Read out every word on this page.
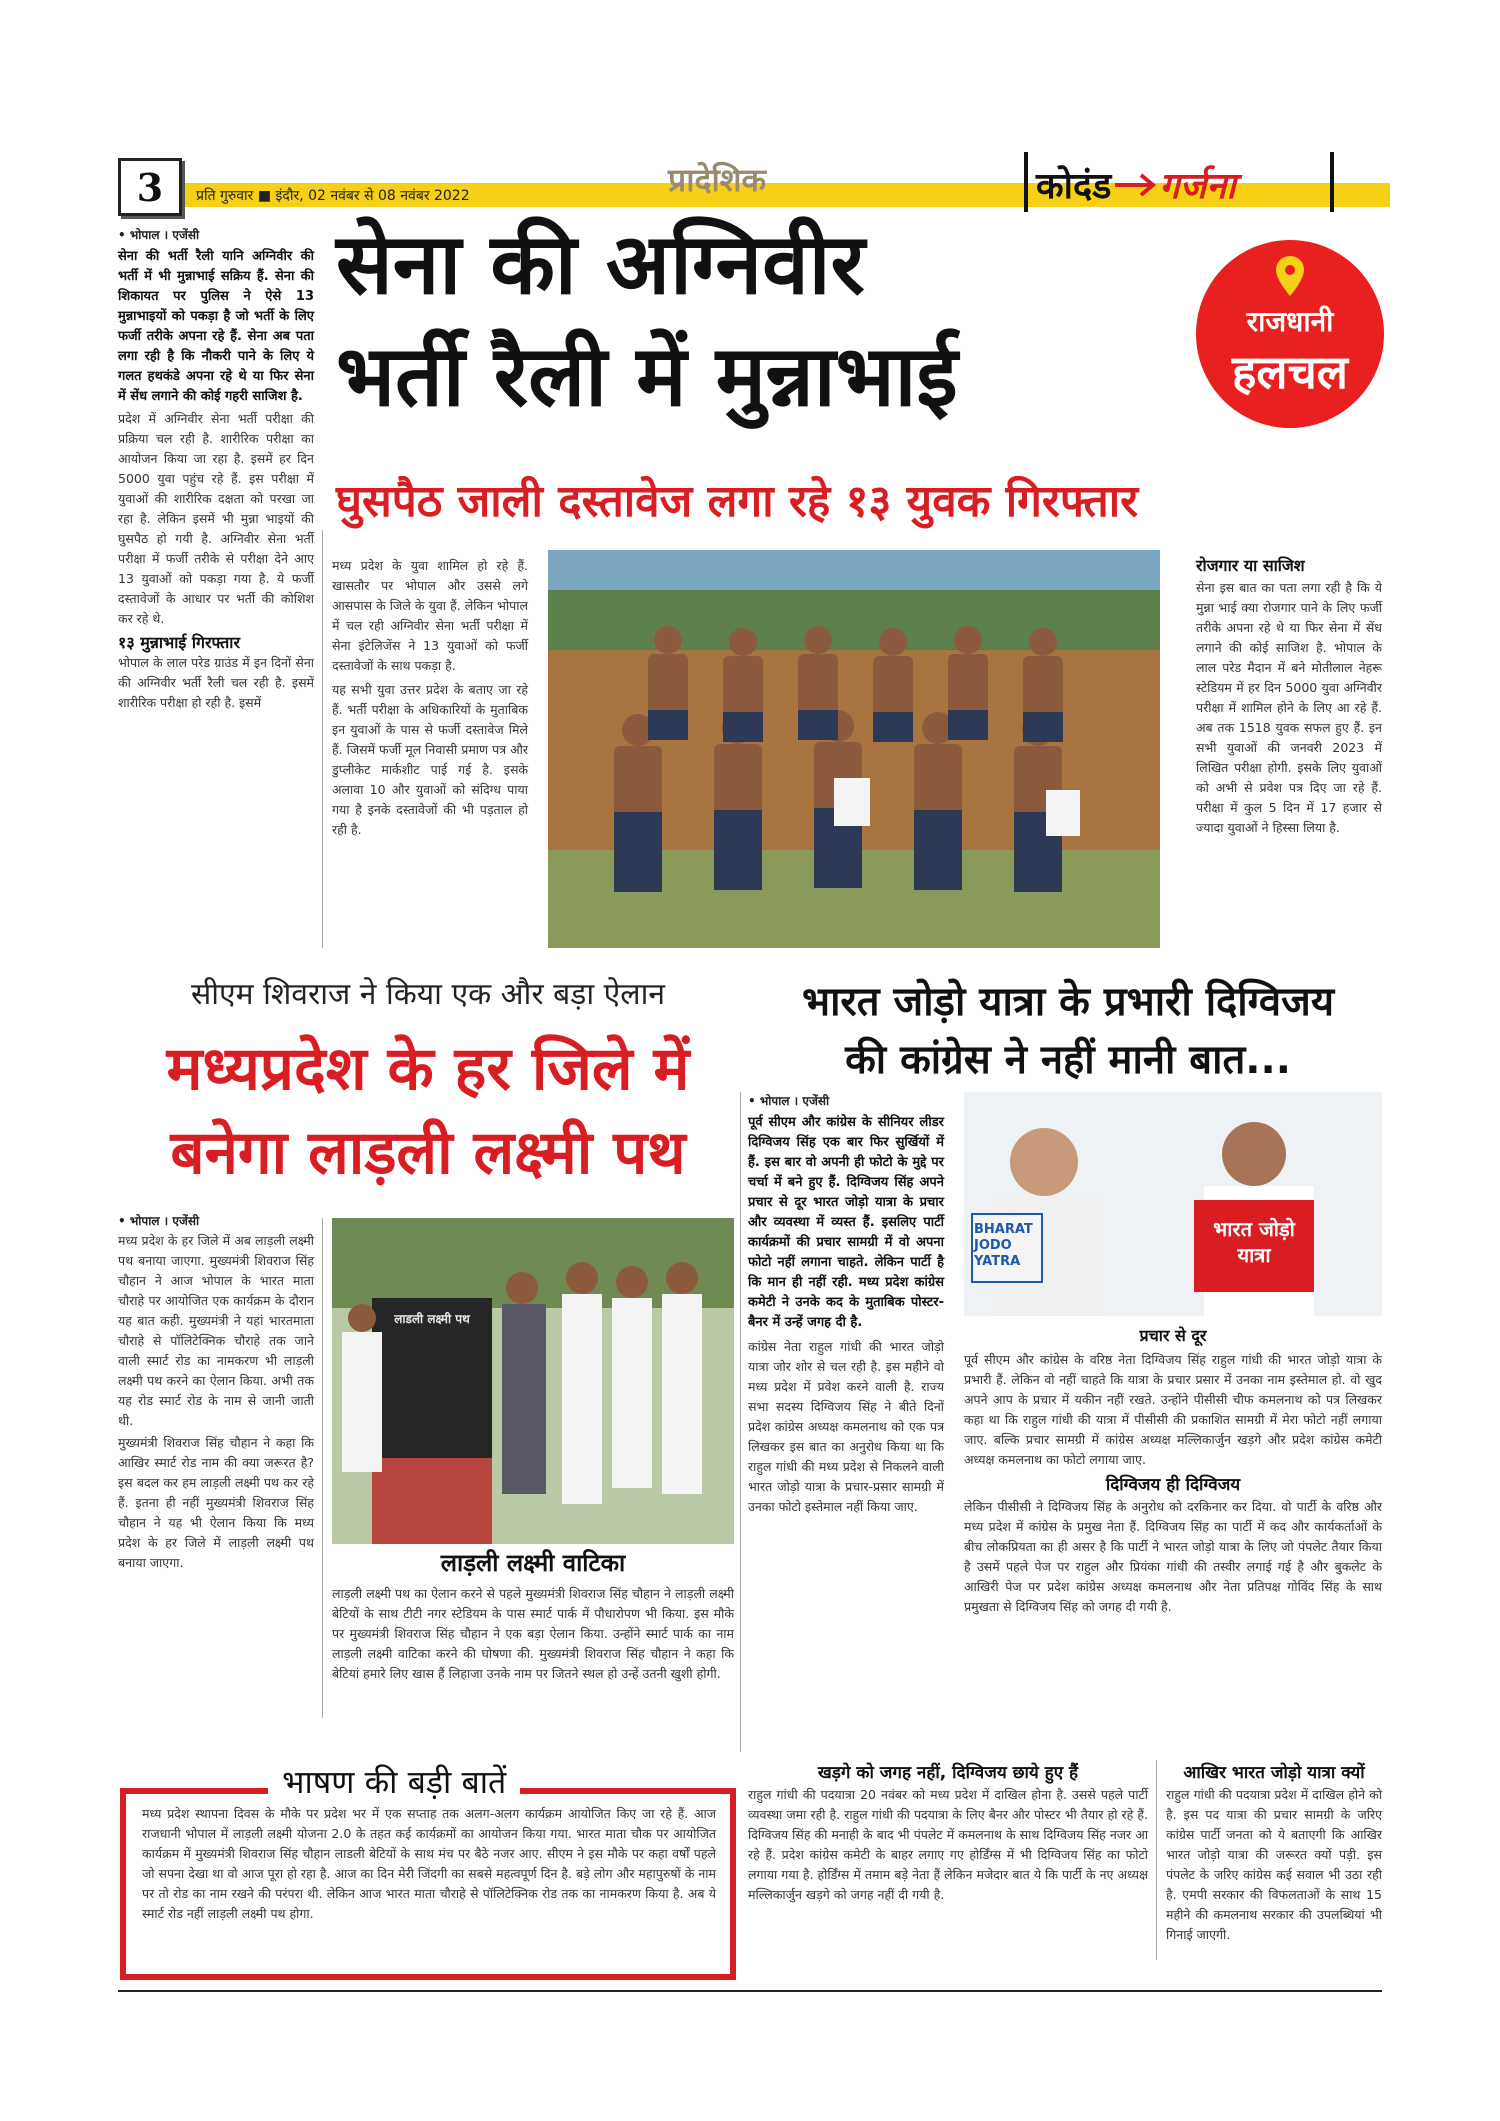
3 प्रति गुरुवार ■ इंदौर, 02 नवंबर से 08 नवंबर 2022	प्रादेशिक	कोदंड गर्जना
राजधानी
हलचल
सेना की अग्निवीर
भर्ती रैली में मुन्नाभाई
घुसपैठ जाली दस्तावेज लगा रहे १३ युवक गिरफ्तार
• भोपाल । एजेंसी
सेना की भर्ती रैली यानि अग्निवीर की भर्ती में भी मुन्नाभाई सक्रिय हैं. सेना की शिकायत पर पुलिस ने ऐसे 13 मुन्नाभाइयों को पकड़ा है जो भर्ती के लिए फर्जी तरीके अपना रहे हैं. सेना अब पता लगा रही है कि नौकरी पाने के लिए ये गलत हथकंडे अपना रहे थे या फिर सेना में सेंध लगाने की कोई गहरी साजिश है.
प्रदेश में अग्निवीर सेना भर्ती परीक्षा की प्रक्रिया चल रही है. शारीरिक परीक्षा का आयोजन किया जा रहा है. इसमें हर दिन 5000 युवा पहुंच रहे हैं. इस परीक्षा में युवाओं की शारीरिक दक्षता को परखा जा रहा है. लेकिन इसमें भी मुन्ना भाइयों की घुसपैठ हो गयी है. अग्निवीर सेना भर्ती परीक्षा में फर्जी तरीके से परीक्षा देने आए 13 युवाओं को पकड़ा गया है. ये फर्जी दस्तावेजों के आधार पर भर्ती की कोशिश कर रहे थे.
१३ मुन्नाभाई गिरफ्तार
भोपाल के लाल परेड ग्राउंड में इन दिनों सेना की अग्निवीर भर्ती रैली चल रही है. इसमें शारीरिक परीक्षा हो रही है. इसमें
मध्य प्रदेश के युवा शामिल हो रहे हैं. खासतौर पर भोपाल और उससे लगे आसपास के जिले के युवा हैं. लेकिन भोपाल में चल रही अग्निवीर सेना भर्ती परीक्षा में सेना इंटेलिजेंस ने 13 युवाओं को फर्जी दस्तावेजों के साथ पकड़ा है.
यह सभी युवा उत्तर प्रदेश के बताए जा रहे हैं. भर्ती परीक्षा के अधिकारियों के मुताबिक इन युवाओं के पास से फर्जी दस्तावेज मिले हैं. जिसमें फर्जी मूल निवासी प्रमाण पत्र और डुप्लीकेट मार्कशीट पाई गई है. इसके अलावा 10 और युवाओं को संदिग्ध पाया गया है इनके दस्तावेजों की भी पड़ताल हो रही है.
रोजगार या साजिश
सेना इस बात का पता लगा रही है कि ये मुन्ना भाई क्या रोजगार पाने के लिए फर्जी तरीके अपना रहे थे या फिर सेना में सेंध लगाने की कोई साजिश है. भोपाल के लाल परेड मैदान में बने मोतीलाल नेहरू स्टेडियम में हर दिन 5000 युवा अग्निवीर परीक्षा में शामिल होने के लिए आ रहे हैं. अब तक 1518 युवक सफल हुए हैं. इन सभी युवाओं की जनवरी 2023 में लिखित परीक्षा होगी. इसके लिए युवाओं को अभी से प्रवेश पत्र दिए जा रहे हैं. परीक्षा में कुल 5 दिन में 17 हजार से ज्यादा युवाओं ने हिस्सा लिया है.
सीएम शिवराज ने किया एक और बड़ा ऐलान
मध्यप्रदेश के हर जिले में
बनेगा लाड़ली लक्ष्मी पथ
• भोपाल । एजेंसी
मध्य प्रदेश के हर जिले में अब लाड़ली लक्ष्मी पथ बनाया जाएगा. मुख्यमंत्री शिवराज सिंह चौहान ने आज भोपाल के भारत माता चौराहे पर आयोजित एक कार्यक्रम के दौरान यह बात कही. मुख्यमंत्री ने यहां भारतमाता चौराहे से पॉलिटेक्निक चौराहे तक जाने वाली स्मार्ट रोड का नामकरण भी लाड़ली लक्ष्मी पथ करने का ऐलान किया. अभी तक यह रोड स्मार्ट रोड के नाम से जानी जाती थी.
मुख्यमंत्री शिवराज सिंह चौहान ने कहा कि आखिर स्मार्ट रोड नाम की क्या जरूरत है? इस बदल कर हम लाड़ली लक्ष्मी पथ कर रहे हैं. इतना ही नहीं मुख्यमंत्री शिवराज सिंह चौहान ने यह भी ऐलान किया कि मध्य प्रदेश के हर जिले में लाड़ली लक्ष्मी पथ बनाया जाएगा.
लाडली लक्ष्मी पथ
लाड़ली लक्ष्मी वाटिका
लाड़ली लक्ष्मी पथ का ऐलान करने से पहले मुख्यमंत्री शिवराज सिंह चौहान ने लाड़ली लक्ष्मी बेटियों के साथ टीटी नगर स्टेडियम के पास स्मार्ट पार्क में पौधारोपण भी किया. इस मौके पर मुख्यमंत्री शिवराज सिंह चौहान ने एक बड़ा ऐलान किया. उन्होंने स्मार्ट पार्क का नाम लाड़ली लक्ष्मी वाटिका करने की घोषणा की. मुख्यमंत्री शिवराज सिंह चौहान ने कहा कि बेटियां हमारे लिए खास हैं लिहाजा उनके नाम पर जितने स्थल हो उन्हें उतनी खुशी होगी.
भाषण की बड़ी बातें
मध्य प्रदेश स्थापना दिवस के मौके पर प्रदेश भर में एक सप्ताह तक अलग-अलग कार्यक्रम आयोजित किए जा रहे हैं. आज राजधानी भोपाल में लाड़ली लक्ष्मी योजना 2.0 के तहत कई कार्यक्रमों का आयोजन किया गया. भारत माता चौक पर आयोजित कार्यक्रम में मुख्यमंत्री शिवराज सिंह चौहान लाडली बेटियों के साथ मंच पर बैठे नजर आए. सीएम ने इस मौके पर कहा वर्षों पहले जो सपना देखा था वो आज पूरा हो रहा है. आज का दिन मेरी जिंदगी का सबसे महत्वपूर्ण दिन है. बड़े लोग और महापुरुषों के नाम पर तो रोड का नाम रखने की परंपरा थी. लेकिन आज भारत माता चौराहे से पॉलिटेक्निक रोड तक का नामकरण किया है. अब ये स्मार्ट रोड नहीं लाड़ली लक्ष्मी पथ होगा.
भारत जोड़ो यात्रा के प्रभारी दिग्विजय
की कांग्रेस ने नहीं मानी बात...
• भोपाल । एजेंसी
पूर्व सीएम और कांग्रेस के सीनियर लीडर दिग्विजय सिंह एक बार फिर सुर्खियों में हैं. इस बार वो अपनी ही फोटो के मुद्दे पर चर्चा में बने हुए हैं. दिग्विजय सिंह अपने प्रचार से दूर भारत जोड़ो यात्रा के प्रचार और व्यवस्था में व्यस्त हैं. इसलिए पार्टी कार्यक्रमों की प्रचार सामग्री में वो अपना फोटो नहीं लगाना चाहते. लेकिन पार्टी है कि मान ही नहीं रही. मध्य प्रदेश कांग्रेस कमेटी ने उनके कद के मुताबिक पोस्टर-बैनर में उन्हें जगह दी है.
कांग्रेस नेता राहुल गांधी की भारत जोड़ो यात्रा जोर शोर से चल रही है. इस महीने वो मध्य प्रदेश में प्रवेश करने वाली है. राज्य सभा सदस्य दिग्विजय सिंह ने बीते दिनों प्रदेश कांग्रेस अध्यक्ष कमलनाथ को एक पत्र लिखकर इस बात का अनुरोध किया था कि राहुल गांधी की मध्य प्रदेश से निकलने वाली भारत जोड़ो यात्रा के प्रचार-प्रसार सामग्री में उनका फोटो इस्तेमाल नहीं किया जाए.
BHARAT JODO YATRA
भारत जोड़ो यात्रा
प्रचार से दूर
पूर्व सीएम और कांग्रेस के वरिष्ठ नेता दिग्विजय सिंह राहुल गांधी की भारत जोड़ो यात्रा के प्रभारी हैं. लेकिन वो नहीं चाहते कि यात्रा के प्रचार प्रसार में उनका नाम इस्तेमाल हो. वो खुद अपने आप के प्रचार में यकीन नहीं रखते. उन्होंने पीसीसी चीफ कमलनाथ को पत्र लिखकर कहा था कि राहुल गांधी की यात्रा में पीसीसी की प्रकाशित सामग्री में मेरा फोटो नहीं लगाया जाए. बल्कि प्रचार सामग्री में कांग्रेस अध्यक्ष मल्लिकार्जुन खड़गे और प्रदेश कांग्रेस कमेटी अध्यक्ष कमलनाथ का फोटो लगाया जाए.
दिग्विजय ही दिग्विजय
लेकिन पीसीसी ने दिग्विजय सिंह के अनुरोध को दरकिनार कर दिया. वो पार्टी के वरिष्ठ और मध्य प्रदेश में कांग्रेस के प्रमुख नेता हैं. दिग्विजय सिंह का पार्टी में कद और कार्यकर्ताओं के बीच लोकप्रियता का ही असर है कि पार्टी ने भारत जोड़ो यात्रा के लिए जो पंपलेट तैयार किया है उसमें पहले पेज पर राहुल और प्रियंका गांधी की तस्वीर लगाई गई है और बुकलेट के आखिरी पेज पर प्रदेश कांग्रेस अध्यक्ष कमलनाथ और नेता प्रतिपक्ष गोविंद सिंह के साथ प्रमुखता से दिग्विजय सिंह को जगह दी गयी है.
खड़गे को जगह नहीं, दिग्विजय छाये हुए हैं
राहुल गांधी की पदयात्रा 20 नवंबर को मध्य प्रदेश में दाखिल होना है. उससे पहले पार्टी व्यवस्था जमा रही है. राहुल गांधी की पदयात्रा के लिए बैनर और पोस्टर भी तैयार हो रहे हैं. दिग्विजय सिंह की मनाही के बाद भी पंपलेट में कमलनाथ के साथ दिग्विजय सिंह नजर आ रहे हैं. प्रदेश कांग्रेस कमेटी के बाहर लगाए गए होर्डिंग्स में भी दिग्विजय सिंह का फोटो लगाया गया है. होर्डिंग्स में तमाम बड़े नेता हैं लेकिन मजेदार बात ये कि पार्टी के नए अध्यक्ष मल्लिकार्जुन खड़गे को जगह नहीं दी गयी है.
आखिर भारत जोड़ो यात्रा क्यों
राहुल गांधी की पदयात्रा प्रदेश में दाखिल होने को है. इस पद यात्रा की प्रचार सामग्री के जरिए कांग्रेस पार्टी जनता को ये बताएगी कि आखिर भारत जोड़ो यात्रा की जरूरत क्यों पड़ी. इस पंपलेट के जरिए कांग्रेस कई सवाल भी उठा रही है. एमपी सरकार की विफलताओं के साथ 15 महीने की कमलनाथ सरकार की उपलब्धियां भी गिनाई जाएगी.
